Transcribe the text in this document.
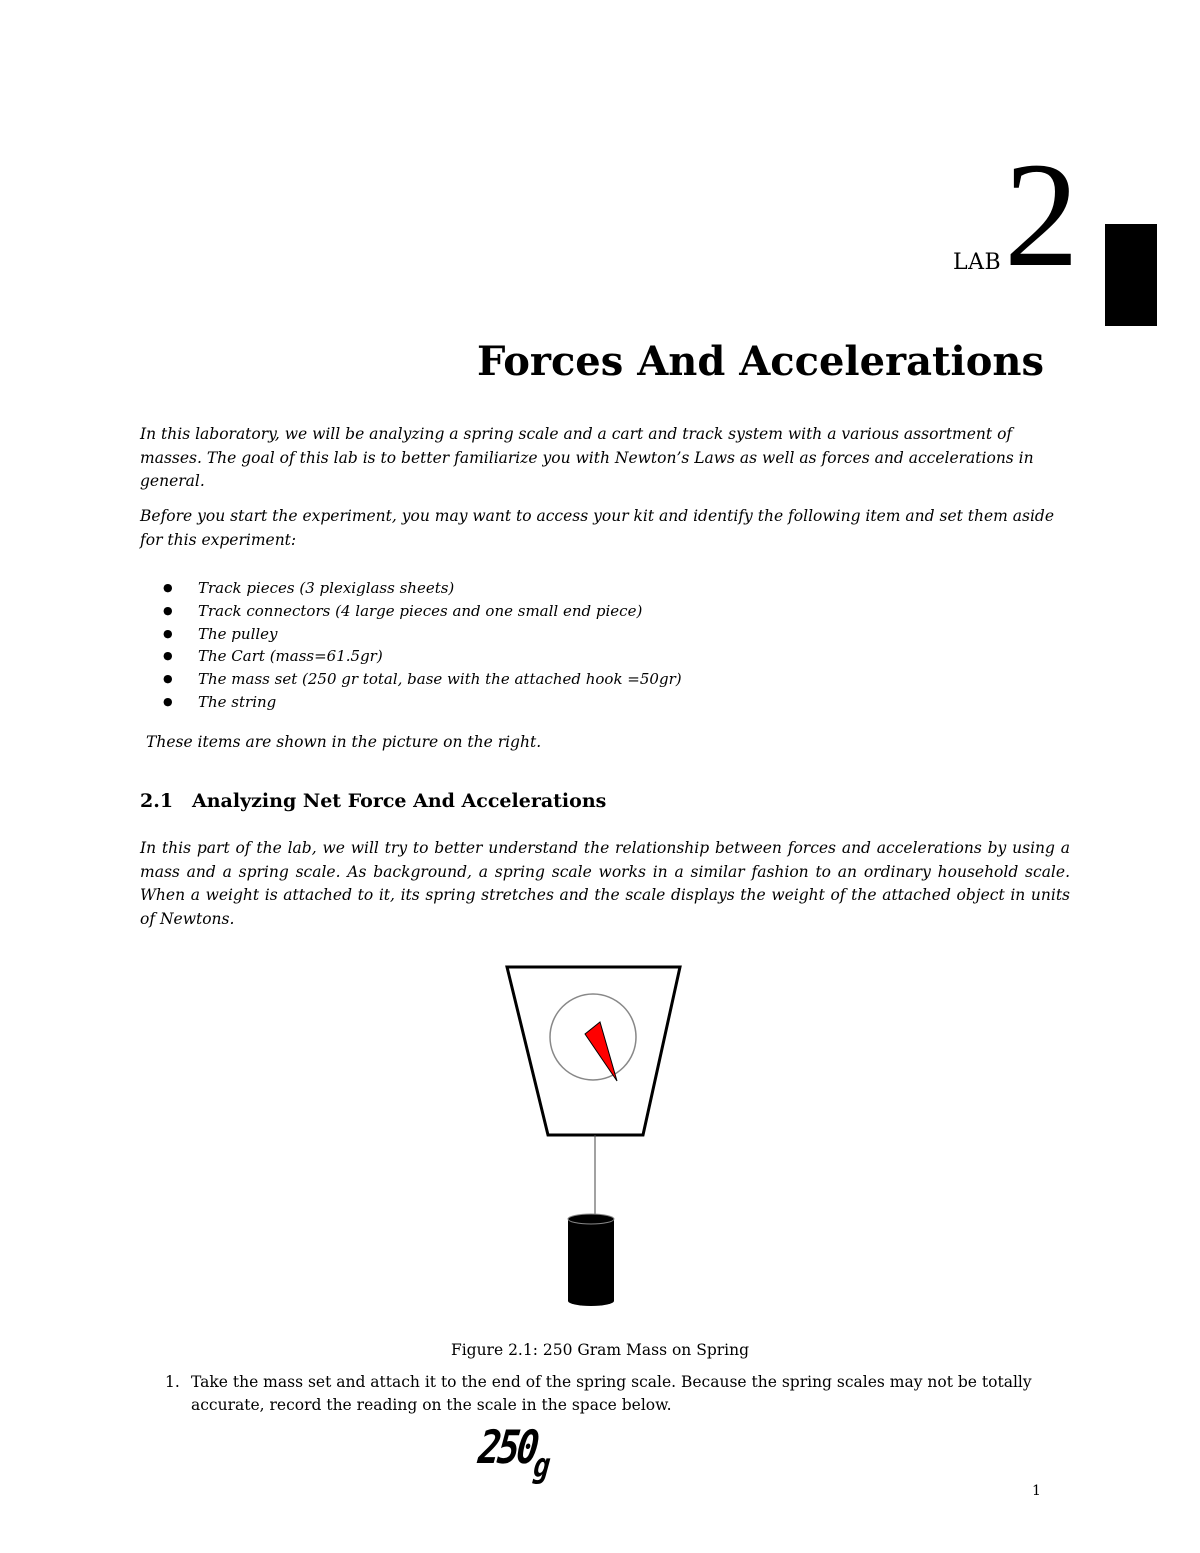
LAB 2
Forces And Accelerations
In this laboratory, we will be analyzing a spring scale and a cart and track system with a various assortment of masses. The goal of this lab is to better familiarize you with Newton’s Laws as well as forces and accelerations in general.
Before you start the experiment, you may want to access your kit and identify the following item and set them aside for this experiment:
● Track pieces (3 plexiglass sheets)
● Track connectors (4 large pieces and one small end piece)
● The pulley
● The Cart (mass=61.5gr)
● The mass set (250 gr total, base with the attached hook =50gr)
● The string
These items are shown in the picture on the right.
2.1 Analyzing Net Force And Accelerations
In this part of the lab, we will try to better understand the relationship between forces and accelerations by using a mass and a spring scale. As background, a spring scale works in a similar fashion to an ordinary household scale. When a weight is attached to it, its spring stretches and the scale displays the weight of the attached object in units of Newtons.
Figure 2.1: 250 Gram Mass on Spring
1. Take the mass set and attach it to the end of the spring scale. Because the spring scales may not be totally accurate, record the reading on the scale in the space below.
$250_g$
1
